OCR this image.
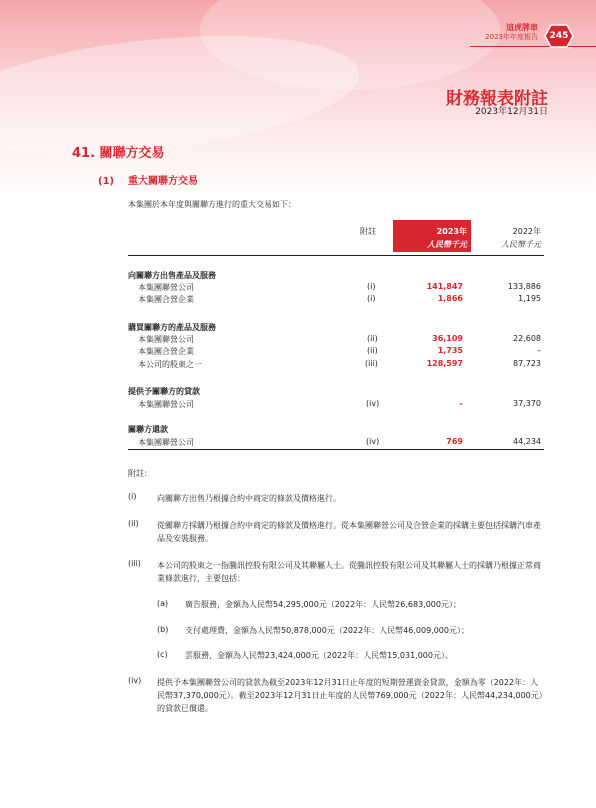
這虎牌車
2023年年度報告	245
財務報表附註
2023年12月31日
41. 關聯方交易
(1) 重大關聯方交易
本集團於本年度與關聯方進行的重大交易如下：
附註	2023年
人民幣千元
2022年
人民幣千元
向關聯方出售產品及服務
本集團聯營公司	(i)	141,847	133,886
本集團合營企業	(i)	1,866	1,195
購買關聯方的產品及服務
本集團聯營公司	(ii)	36,109	22,608
本集團合營企業	(ii)	1,735	–
本公司的股東之一	(iii)	128,597	87,723
提供予關聯方的貸款
本集團聯營公司	(iv)	–	37,370
關聯方還款
本集團聯營公司	(iv)	769	44,234
附註：
(i)	向關聯方出售乃根據合約中商定的條款及價格進行。
(ii) 從關聯方採購乃根據合約中商定的條款及價格進行。從本集團聯營公司及合營企業的採購主要包括採購汽車產品及安裝服務。
(iii) 本公司的股東之一指騰訊控股有限公司及其聯屬人士。從騰訊控股有限公司及其聯屬人士的採購乃根據正常商業條款進行，主要包括：
(a) 廣告服務，金額為人民幣54,295,000元（2022年：人民幣26,683,000元）；
(b) 支付處理費，金額為人民幣50,878,000元（2022年：人民幣46,009,000元）；
(c) 雲服務，金額為人民幣23,424,000元（2022年：人民幣15,031,000元）。
(iv) 提供予本集團聯營公司的貸款為截至2023年12月31日止年度的短期營運資金貸款，金額為零（2022年：人民幣37,370,000元）。截至2023年12月31日止年度的人民幣769,000元（2022年：人民幣44,234,000元）的貸款已償還。
